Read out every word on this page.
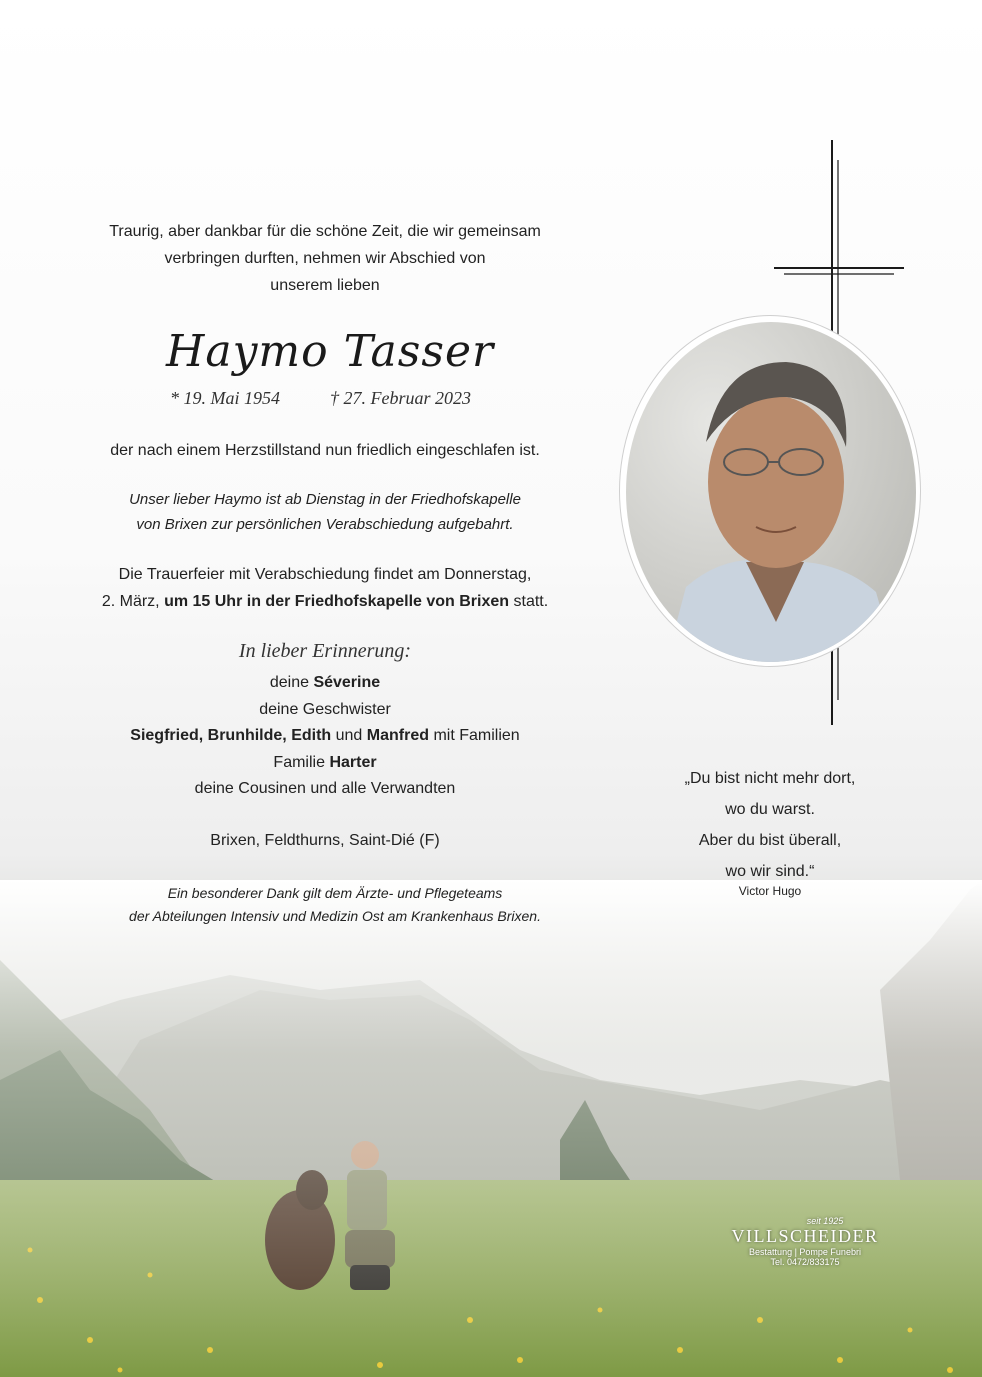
Traurig, aber dankbar für die schöne Zeit, die wir gemeinsam
verbringen durften, nehmen wir Abschied von
unserem lieben
Haymo Tasser
* 19. Mai 1954	† 27. Februar 2023
der nach einem Herzstillstand nun friedlich eingeschlafen ist.
Unser lieber Haymo ist ab Dienstag in der Friedhofskapelle
von Brixen zur persönlichen Verabschiedung aufgebahrt.
Die Trauerfeier mit Verabschiedung findet am Donnerstag,
2. März, um 15 Uhr in der Friedhofskapelle von Brixen statt.
In lieber Erinnerung:
deine Séverine
deine Geschwister
Siegfried, Brunhilde, Edith und Manfred mit Familien
Familie Harter
deine Cousinen und alle Verwandten
Brixen, Feldthurns, Saint-Dié (F)
Ein besonderer Dank gilt dem Ärzte- und Pflegeteams
der Abteilungen Intensiv und Medizin Ost am Krankenhaus Brixen.
„Du bist nicht mehr dort,
wo du warst.
Aber du bist überall,
wo wir sind.“
Victor Hugo
seit 1925
VILLSCHEIDER
Bestattung | Pompe Funebri
Tel. 0472/833175
